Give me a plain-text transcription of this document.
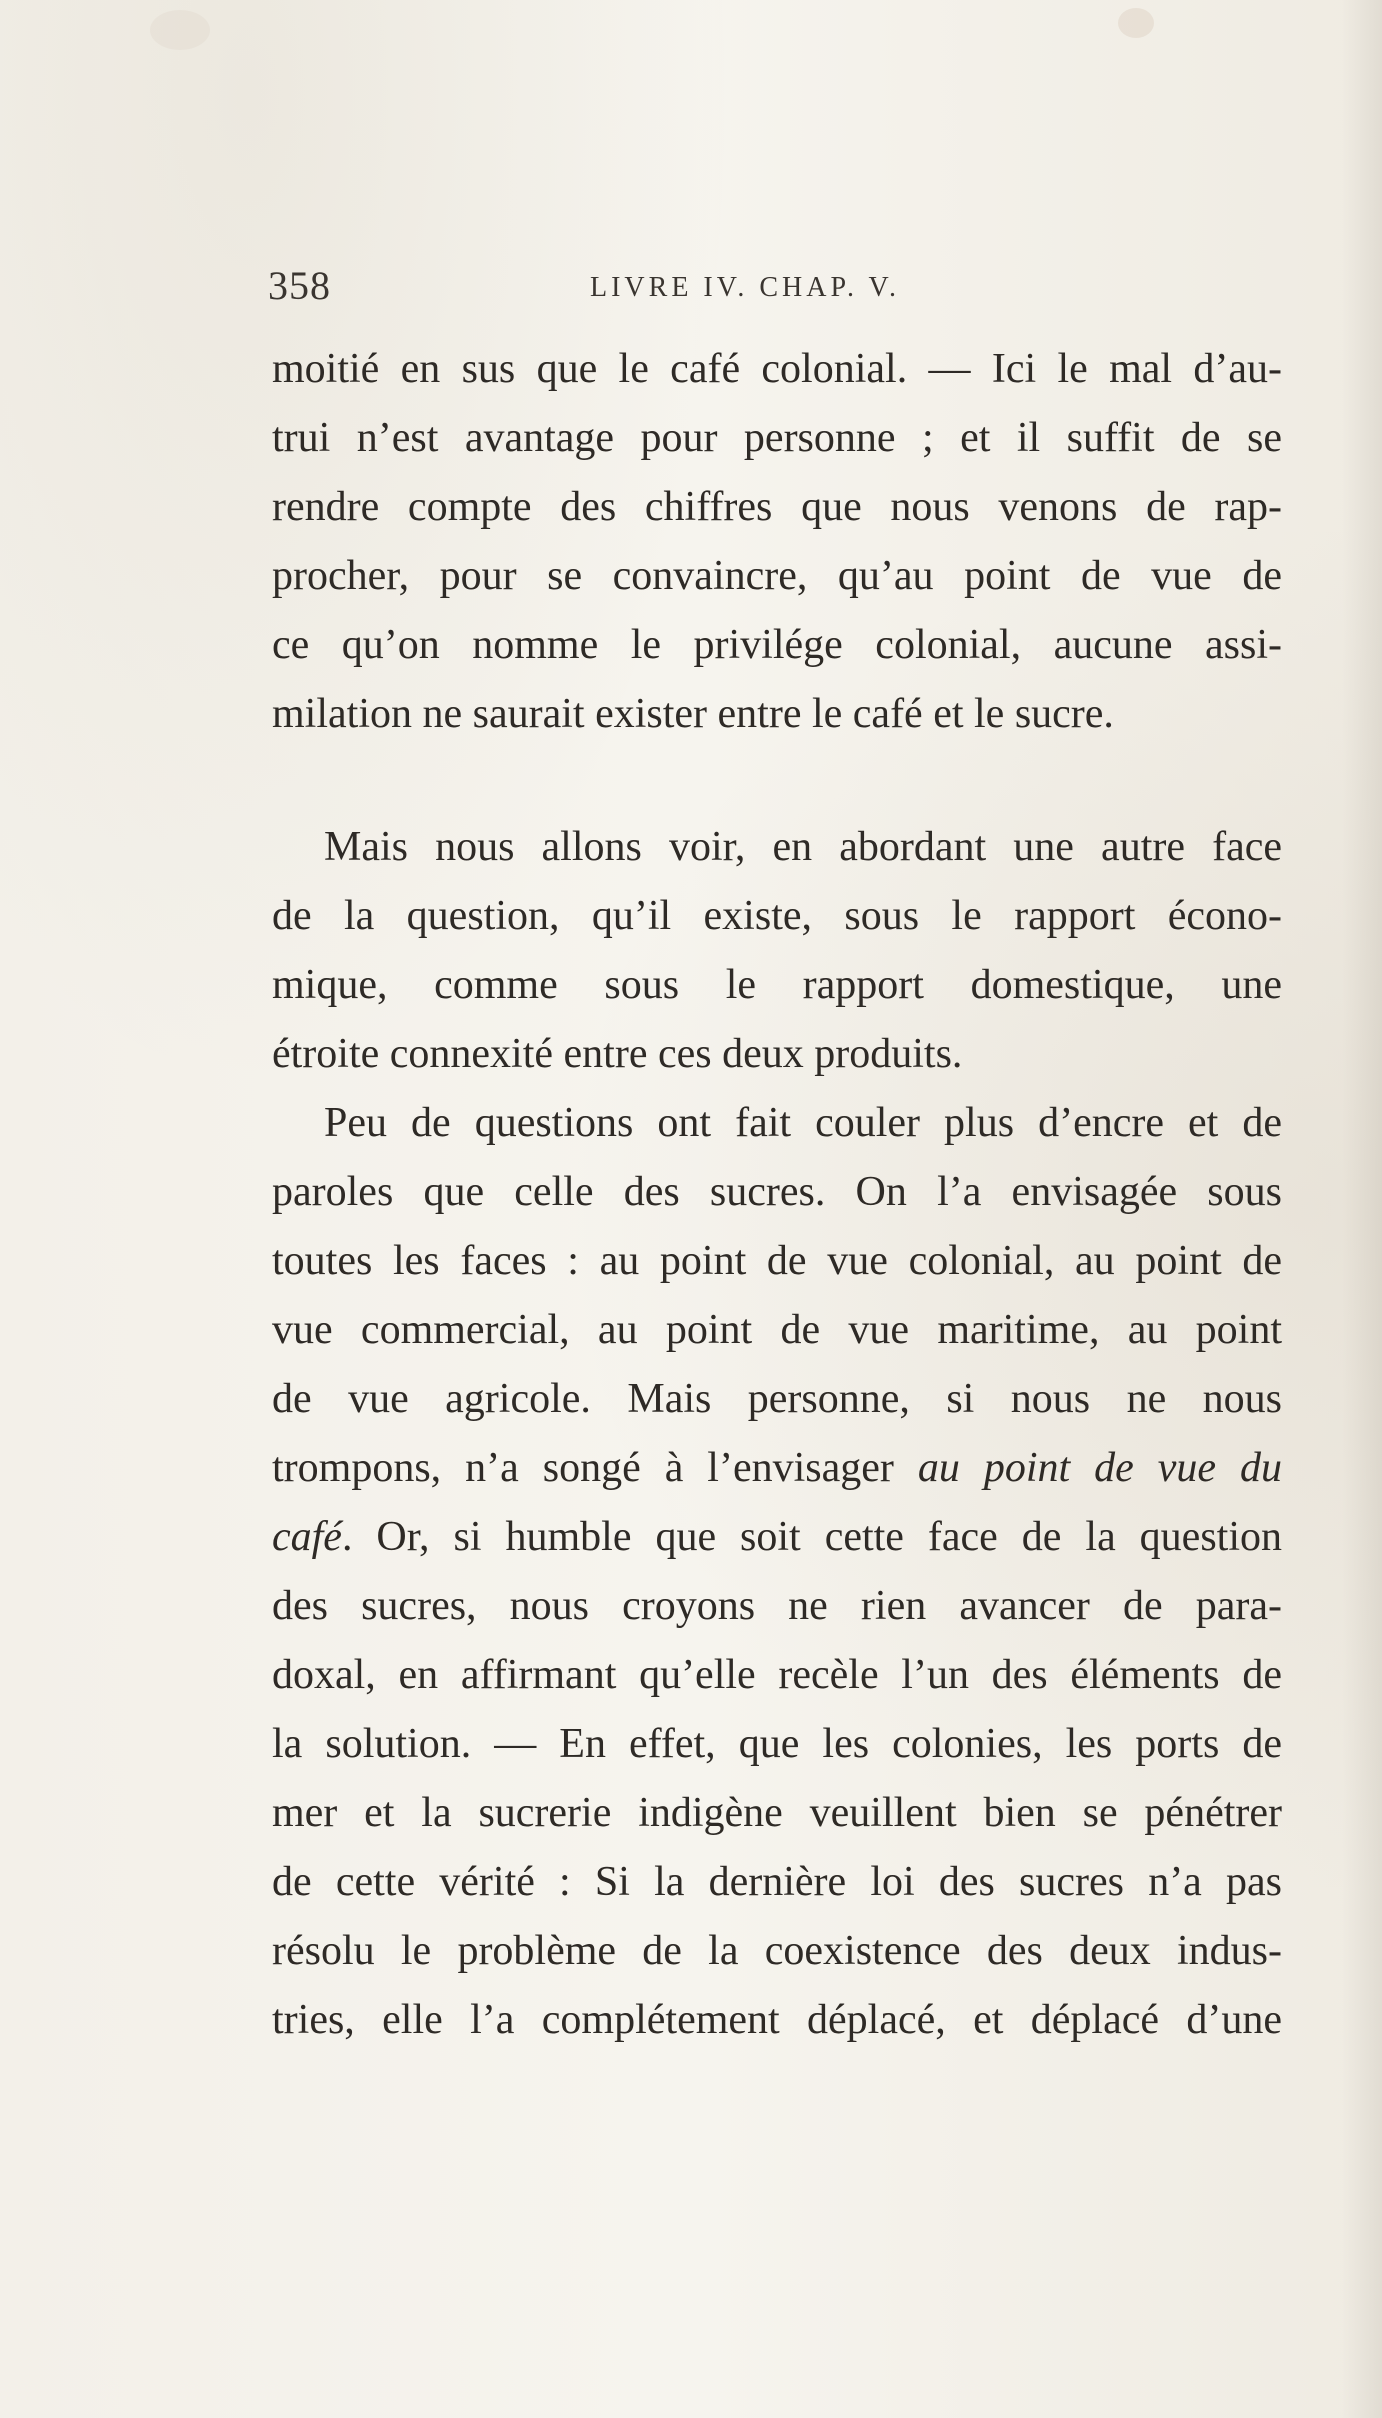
358	LIVRE IV. CHAP. V.
moitié en sus que le café colonial. — Ici le mal d’au-
trui n’est avantage pour personne ; et il suffit de se
rendre compte des chiffres que nous venons de rap-
procher, pour se convaincre, qu’au point de vue de
ce qu’on nomme le privilége colonial, aucune assi-
milation ne saurait exister entre le café et le sucre.
Mais nous allons voir, en abordant une autre face
de la question, qu’il existe, sous le rapport écono-
mique, comme sous le rapport domestique, une
étroite connexité entre ces deux produits.
Peu de questions ont fait couler plus d’encre et de
paroles que celle des sucres. On l’a envisagée sous
toutes les faces : au point de vue colonial, au point de
vue commercial, au point de vue maritime, au point
de vue agricole. Mais personne, si nous ne nous
trompons, n’a songé à l’envisager au point de vue du
café. Or, si humble que soit cette face de la question
des sucres, nous croyons ne rien avancer de para-
doxal, en affirmant qu’elle recèle l’un des éléments de
la solution. — En effet, que les colonies, les ports de
mer et la sucrerie indigène veuillent bien se pénétrer
de cette vérité : Si la dernière loi des sucres n’a pas
résolu le problème de la coexistence des deux indus-
tries, elle l’a complétement déplacé, et déplacé d’une
